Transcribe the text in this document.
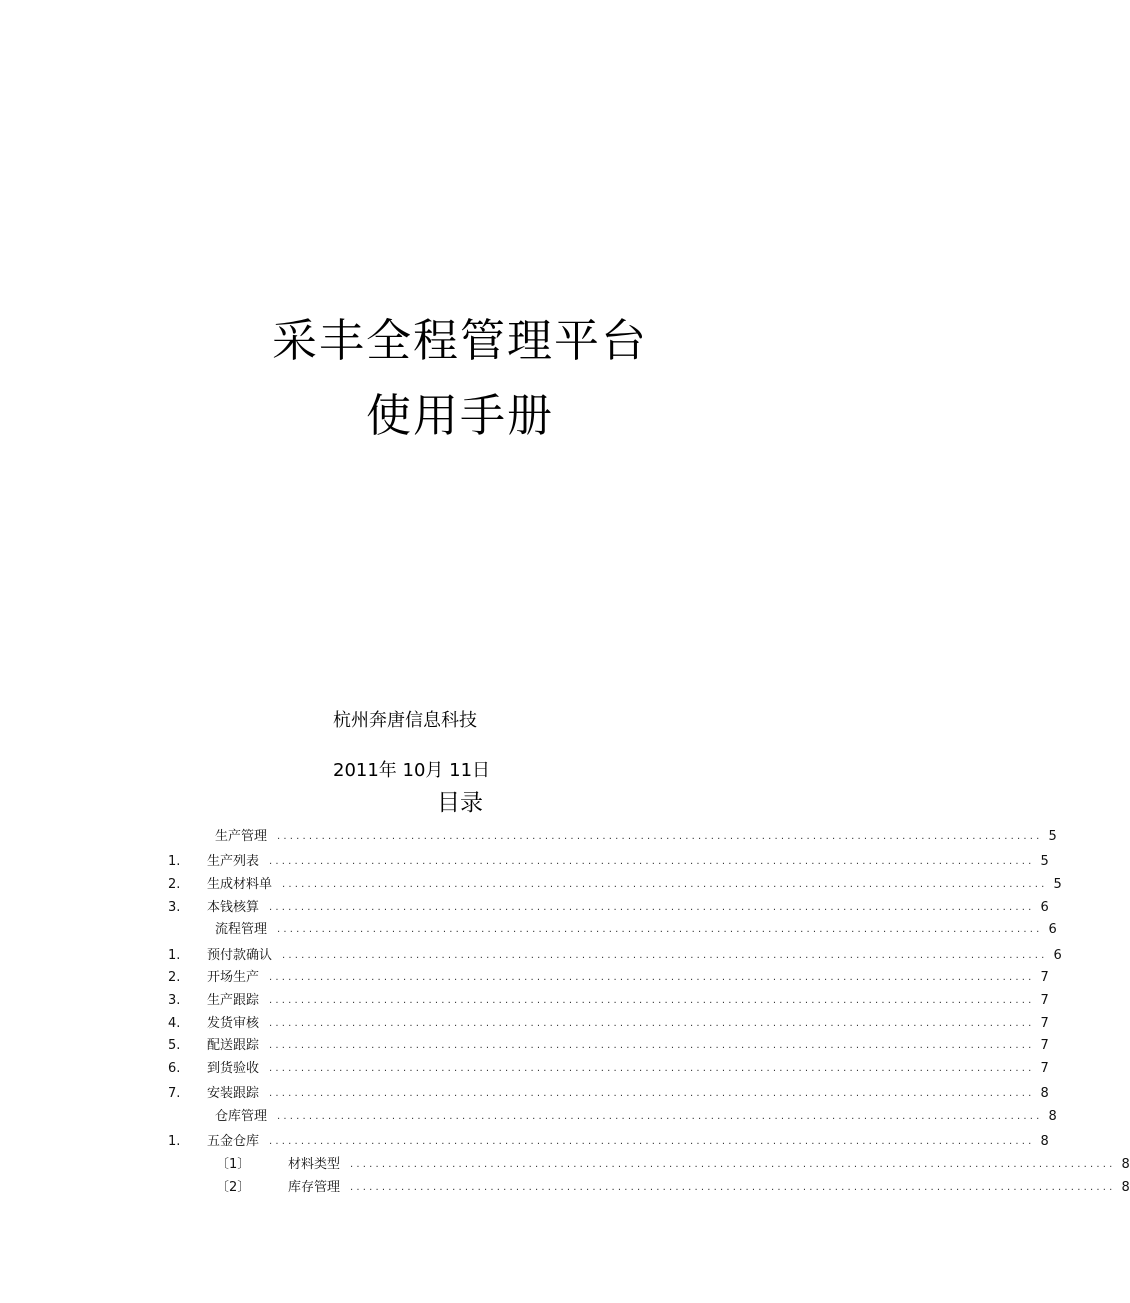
采丰全程管理平台
使用手册
杭州奔唐信息科技
2011年 10月 11日
目录
生产管理 ........................................................................................................................ 5
1.	生产列表 ........................................................................................................................ 5
2.	生成材料单 ........................................................................................................................ 5
3.	本钱核算 ........................................................................................................................ 6
流程管理 ........................................................................................................................ 6
1.	预付款确认 ........................................................................................................................ 6
2.	开场生产 ........................................................................................................................ 7
3.	生产跟踪 ........................................................................................................................ 7
4.	发货审核 ........................................................................................................................ 7
5.	配送跟踪 ........................................................................................................................ 7
6.	到货验收 ........................................................................................................................ 7
7.	安装跟踪 ........................................................................................................................ 8
仓库管理 ........................................................................................................................ 8
1.	五金仓库 ........................................................................................................................ 8
〔1〕	材料类型 ........................................................................................................................ 8
〔2〕	库存管理 ........................................................................................................................ 8
